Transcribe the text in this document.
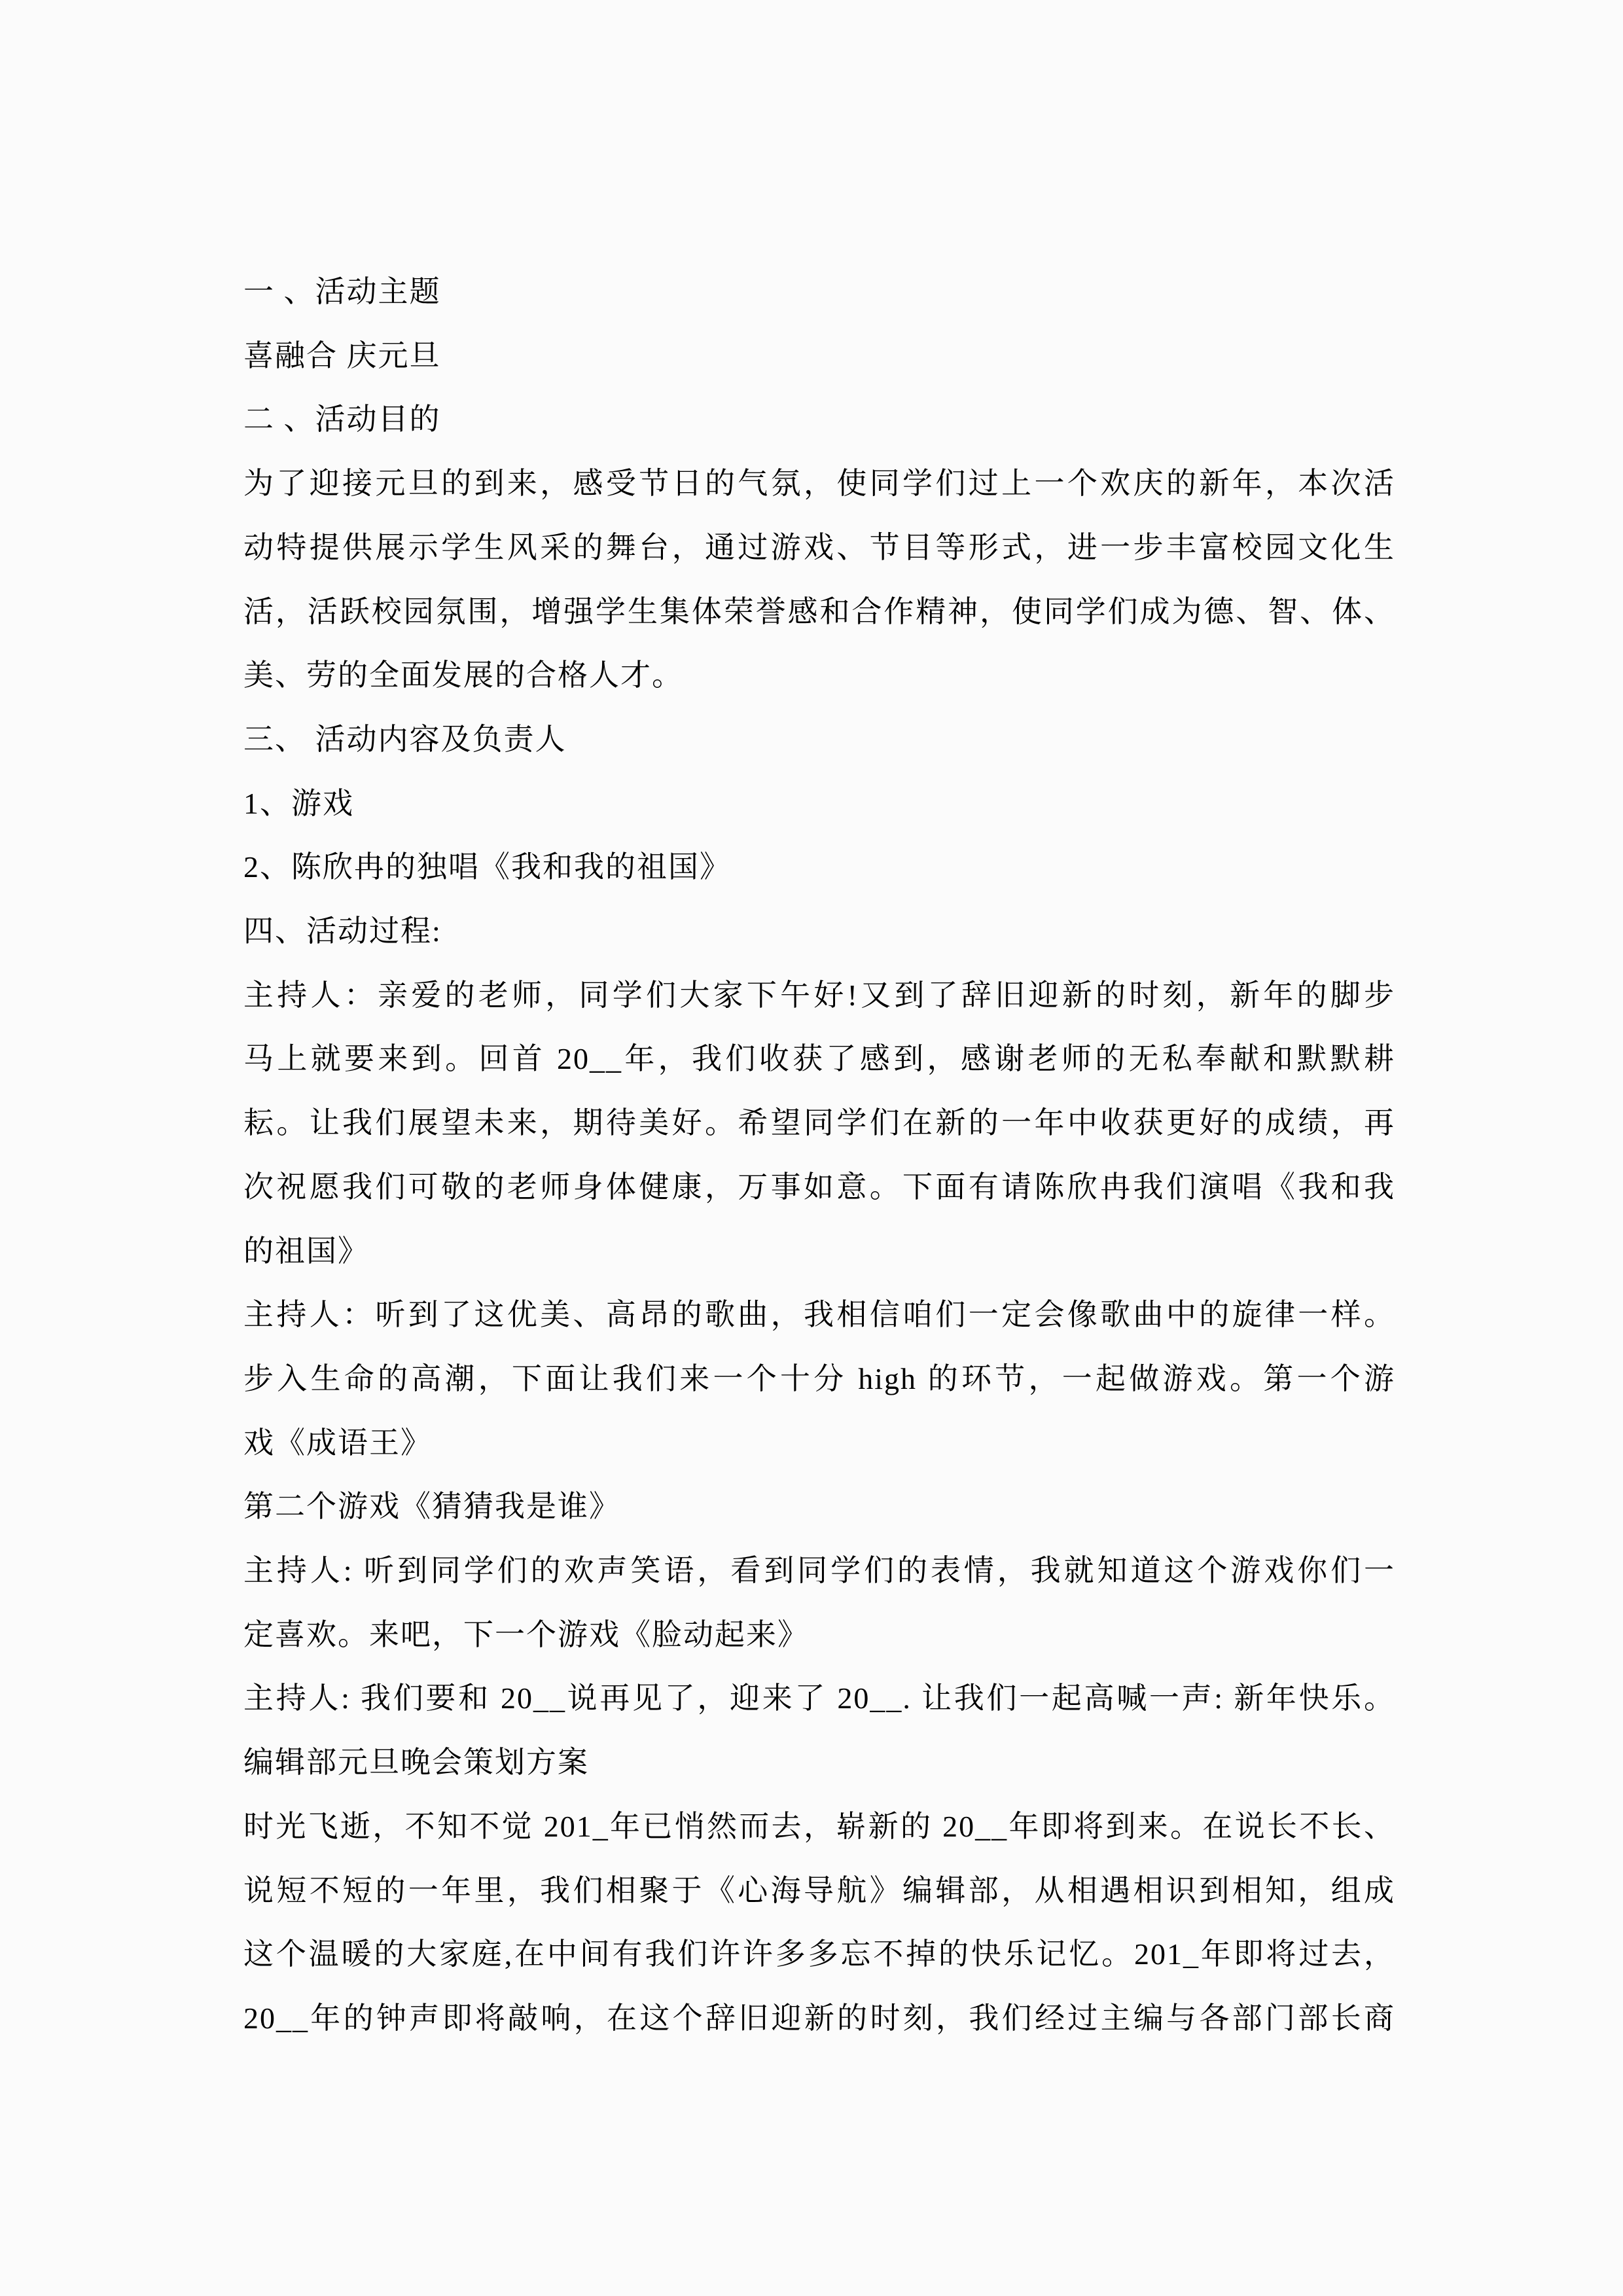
一 、活动主题
喜融合 庆元旦
二 、活动目的
为了迎接元旦的到来，感受节日的气氛，使同学们过上一个欢庆的新年，本次活
动特提供展示学生风采的舞台，通过游戏、节目等形式，进一步丰富校园文化生
活，活跃校园氛围，增强学生集体荣誉感和合作精神，使同学们成为德、智、体、
美、劳的全面发展的合格人才。
三、 活动内容及负责人
1、游戏
2、陈欣冉的独唱《我和我的祖国》
四、活动过程:
主持人：亲爱的老师，同学们大家下午好!又到了辞旧迎新的时刻，新年的脚步
马上就要来到。回首 20__年，我们收获了感到，感谢老师的无私奉献和默默耕
耘。让我们展望未来，期待美好。希望同学们在新的一年中收获更好的成绩，再
次祝愿我们可敬的老师身体健康，万事如意。下面有请陈欣冉我们演唱《我和我
的祖国》
主持人：听到了这优美、高昂的歌曲，我相信咱们一定会像歌曲中的旋律一样。
步入生命的高潮，下面让我们来一个十分 high 的环节，一起做游戏。第一个游
戏《成语王》
第二个游戏《猜猜我是谁》
主持人: 听到同学们的欢声笑语，看到同学们的表情，我就知道这个游戏你们一
定喜欢。来吧，下一个游戏《脸动起来》
主持人: 我们要和 20__说再见了，迎来了 20__. 让我们一起高喊一声: 新年快乐。
编辑部元旦晚会策划方案
时光飞逝，不知不觉 201_年已悄然而去，崭新的 20__年即将到来。在说长不长、
说短不短的一年里，我们相聚于《心海导航》编辑部，从相遇相识到相知，组成
这个温暖的大家庭,在中间有我们许许多多忘不掉的快乐记忆。201_年即将过去，
20__年的钟声即将敲响，在这个辞旧迎新的时刻，我们经过主编与各部门部长商
